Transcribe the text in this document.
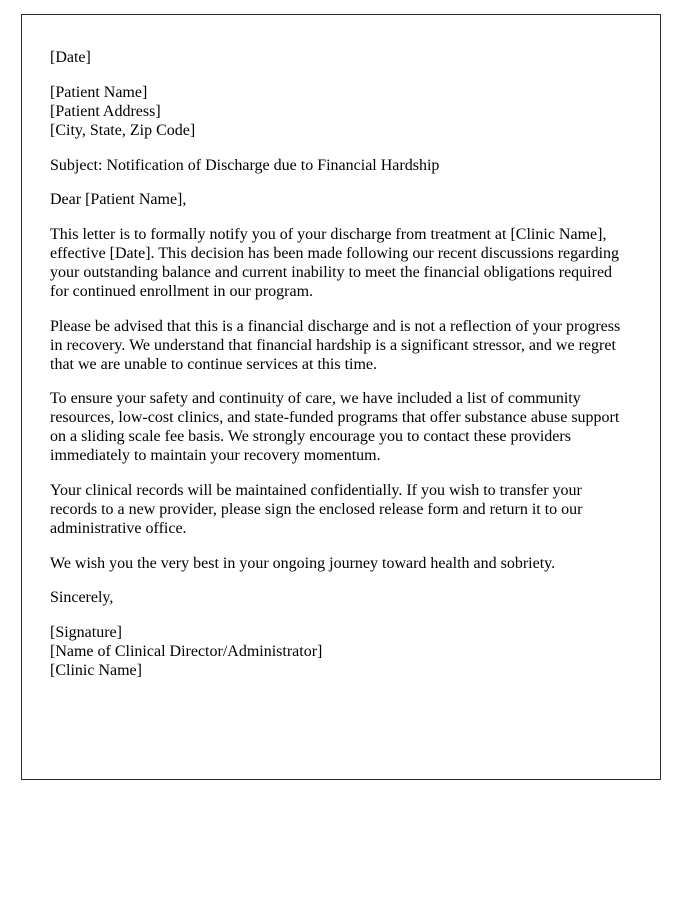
[Date]
[Patient Name]
[Patient Address]
[City, State, Zip Code]

Subject: Notification of Discharge due to Financial Hardship

Dear [Patient Name],

This letter is to formally notify you of your discharge from treatment at [Clinic Name], effective [Date]. This decision has been made following our recent discussions regarding your outstanding balance and current inability to meet the financial obligations required for continued enrollment in our program.

Please be advised that this is a financial discharge and is not a reflection of your progress in recovery. We understand that financial hardship is a significant stressor, and we regret that we are unable to continue services at this time.

To ensure your safety and continuity of care, we have included a list of community resources, low-cost clinics, and state-funded programs that offer substance abuse support on a sliding scale fee basis. We strongly encourage you to contact these providers immediately to maintain your recovery momentum.

Your clinical records will be maintained confidentially. If you wish to transfer your records to a new provider, please sign the enclosed release form and return it to our administrative office.

We wish you the very best in your ongoing journey toward health and sobriety.

Sincerely,

[Signature]
[Name of Clinical Director/Administrator]
[Clinic Name]
